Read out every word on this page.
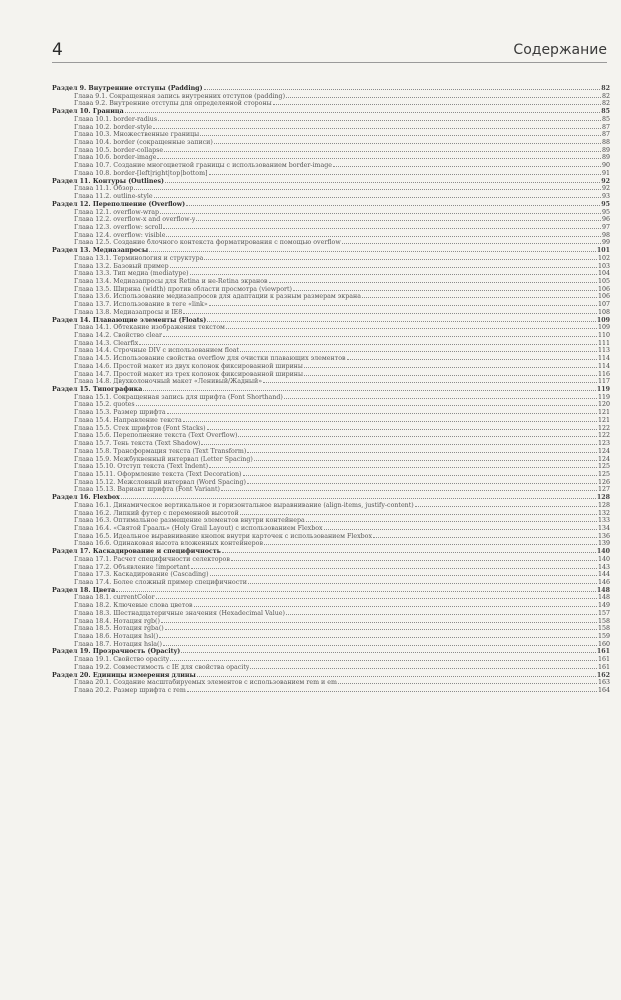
4	Содержание
Раздел 9. Внутренние отступы (Padding)	82
Глава 9.1. Сокращенная запись внутренних отступов (padding)	82
Глава 9.2. Внутренние отступы для определенной стороны	82
Раздел 10. Граница	85
Глава 10.1. border-radius	85
Глава 10.2. border-style	87
Глава 10.3. Множественные границы	87
Глава 10.4. border (сокращенные записи)	88
Глава 10.5. border-collapse	89
Глава 10.6. border-image	89
Глава 10.7. Создание многоцветной границы с использованием border-image	90
Глава 10.8. border-[left|right|top|bottom]	91
Раздел 11. Контуры (Outlines)	92
Глава 11.1. Обзор	92
Глава 11.2. outline-style	93
Раздел 12. Переполнение (Overflow)	95
Глава 12.1. overflow-wrap	95
Глава 12.2. overflow-x and overflow-y	96
Глава 12.3. overflow: scroll	97
Глава 12.4. overflow: visible	98
Глава 12.5. Создание блочного контекста форматирования с помощью overflow	99
Раздел 13. Медиазапросы	101
Глава 13.1. Терминология и структура	102
Глава 13.2. Базовый пример	103
Глава 13.3. Тип медиа (mediatype)	104
Глава 13.4. Медиазапросы для Retina и не-Retina экранов	105
Глава 13.5. Ширина (width) против области просмотра (viewport)	106
Глава 13.6. Использование медиазапросов для адаптации к разным размерам экрана	106
Глава 13.7. Использование в теге «link»	107
Глава 13.8. Медиазапросы и IE8	108
Раздел 14. Плавающие элементы (Floats)	109
Глава 14.1. Обтекание изображения текстом	109
Глава 14.2. Свойство clear	110
Глава 14.3. Clearfix	111
Глава 14.4. Строчные DIV с использованием float	113
Глава 14.5. Использование свойства overflow для очистки плавающих элементов	114
Глава 14.6. Простой макет из двух колонок фиксированной ширины	114
Глава 14.7. Простой макет из трех колонок фиксированной ширины	116
Глава 14.8. Двухколоночный макет «Ленивый/Жадный»	117
Раздел 15. Типографика	119
Глава 15.1. Сокращенная запись для шрифта (Font Shorthand)	119
Глава 15.2. quotes	120
Глава 15.3. Размер шрифта	121
Глава 15.4. Направление текста	121
Глава 15.5. Стек шрифтов (Font Stacks)	122
Глава 15.6. Переполнение текста (Text Overflow)	122
Глава 15.7. Тень текста (Text Shadow)	123
Глава 15.8. Трансформация текста (Text Transform)	124
Глава 15.9. Межбуквенный интервал (Letter Spacing)	124
Глава 15.10. Отступ текста (Text Indent)	125
Глава 15.11. Оформление текста (Text Decoration)	125
Глава 15.12. Межсловный интервал (Word Spacing)	126
Глава 15.13. Вариант шрифта (Font Variant)	127
Раздел 16. Flexbox	128
Глава 16.1. Динамическое вертикальное и горизонтальное выравнивание (align-items, justify-content)	128
Глава 16.2. Липкий футер с переменной высотой	132
Глава 16.3. Оптимальное размещение элементов внутри контейнера	133
Глава 16.4. «Святой Грааль» (Holy Grail Layout) с использованием Flexbox	134
Глава 16.5. Идеальное выравнивание кнопок внутри карточек с использованием Flexbox	136
Глава 16.6. Одинаковая высота вложенных контейнеров	139
Раздел 17. Каскадирование и специфичность	140
Глава 17.1. Расчет специфичности селекторов	140
Глава 17.2. Объявление !important	143
Глава 17.3. Каскадирование (Cascading)	144
Глава 17.4. Более сложный пример специфичности	146
Раздел 18. Цвета	148
Глава 18.1. currentColor	148
Глава 18.2. Ключевые слова цветов	149
Глава 18.3. Шестнадцатеричные значения (Hexadecimal Value)	157
Глава 18.4. Нотация rgb()	158
Глава 18.5. Нотация rgba()	158
Глава 18.6. Нотация hsl()	159
Глава 18.7. Нотация hsla()	160
Раздел 19. Прозрачность (Opacity)	161
Глава 19.1. Свойство opacity	161
Глава 19.2. Совместимость с IE для свойства opacity	161
Раздел 20. Единицы измерения длины	162
Глава 20.1. Создание масштабируемых элементов с использованием rem и em	163
Глава 20.2. Размер шрифта с rem	164
